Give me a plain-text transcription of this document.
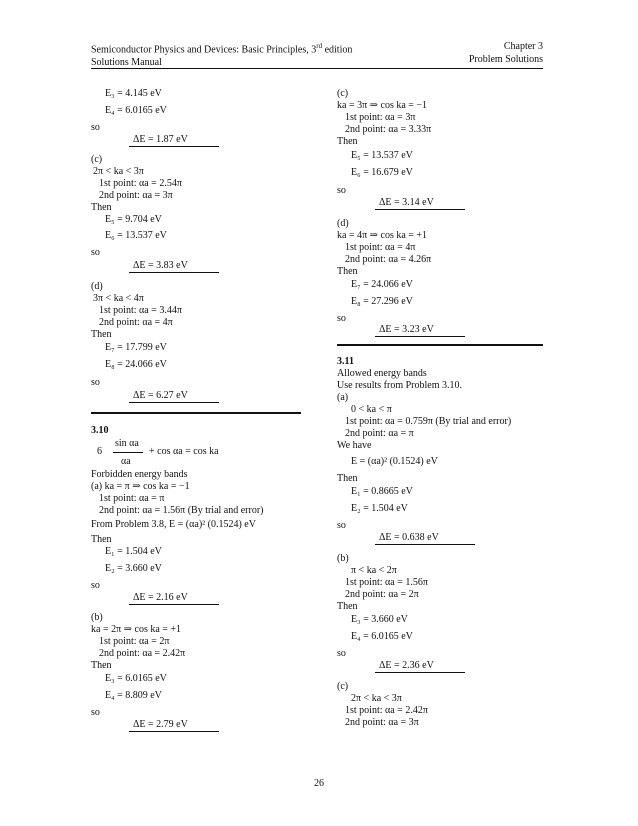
Semiconductor Physics and Devices: Basic Principles, 3rd edition
Solutions Manual
Chapter 3
Problem Solutions
E₃ = 4.145 eV
E₄ = 6.0165 eV
so
ΔE = 1.87 eV
(c)
2π < ka < 3π
1st point: αa = 2.54π
2nd point: αa = 3π
Then
E₅ = 9.704 eV
E₆ = 13.537 eV
so
ΔE = 3.83 eV
(d)
3π < ka < 4π
1st point: αa = 3.44π
2nd point: αa = 4π
Then
E₇ = 17.799 eV
E₈ = 24.066 eV
so
ΔE = 6.27 eV
3.10
sin αa
6	+ cos αa = cos ka
αa
Forbidden energy bands
(a) ka = π ⇒ cos ka = −1
1st point: αa = π
2nd point: αa = 1.56π (By trial and error)
From Problem 3.8, E = (αa)² (0.1524) eV
Then
E₁ = 1.504 eV
E₂ = 3.660 eV
so
ΔE = 2.16 eV
(b)
ka = 2π ⇒ cos ka = +1
1st point: αa = 2π
2nd point: αa = 2.42π
Then
E₃ = 6.0165 eV
E₄ = 8.809 eV
so
ΔE = 2.79 eV
(c)
ka = 3π ⇒ cos ka = −1
1st point: αa = 3π
2nd point: αa = 3.33π
Then
E₅ = 13.537 eV
E₆ = 16.679 eV
so
ΔE = 3.14 eV
(d)
ka = 4π ⇒ cos ka = +1
1st point: αa = 4π
2nd point: αa = 4.26π
Then
E₇ = 24.066 eV
E₈ = 27.296 eV
so
ΔE = 3.23 eV
3.11
Allowed energy bands
Use results from Problem 3.10.
(a)
0 < ka < π
1st point: αa = 0.759π (By trial and error)
2nd point: αa = π
We have
E = (αa)² (0.1524) eV
Then
E₁ = 0.8665 eV
E₂ = 1.504 eV
so
ΔE = 0.638 eV
(b)
π < ka < 2π
1st point: αa = 1.56π
2nd point: αa = 2π
Then
E₃ = 3.660 eV
E₄ = 6.0165 eV
so
ΔE = 2.36 eV
(c)
2π < ka < 3π
1st point: αa = 2.42π
2nd point: αa = 3π
26
